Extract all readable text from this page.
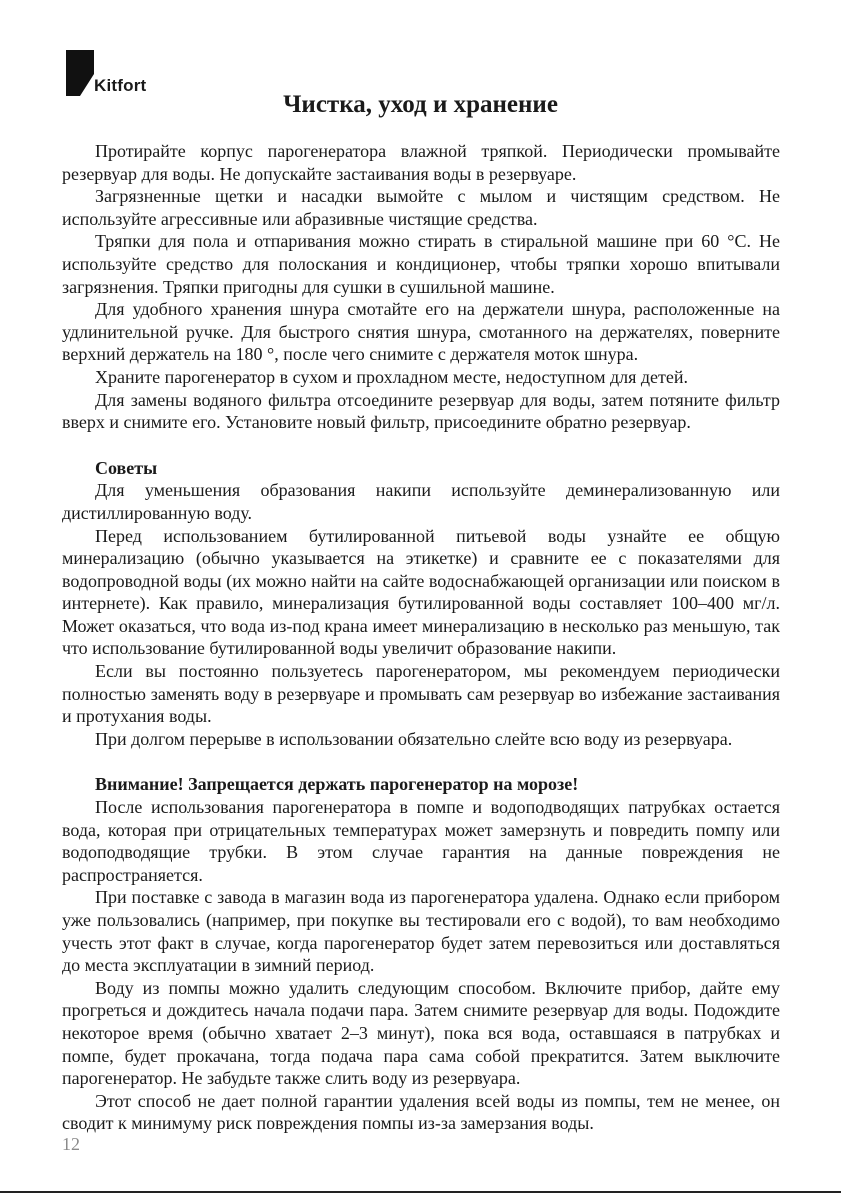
Kitfort
Чистка, уход и хранение

Протирайте корпус парогенератора влажной тряпкой. Периодически промывайте резервуар для воды. Не допускайте застаивания воды в резервуаре.

Загрязненные щетки и насадки вымойте с мылом и чистящим средством. Не используйте агрессивные или абразивные чистящие средства.

Тряпки для пола и отпаривания можно стирать в стиральной машине при 60 °С. Не используйте средство для полоскания и кондиционер, чтобы тряпки хорошо впитывали загрязнения. Тряпки пригодны для сушки в сушильной машине.

Для удобного хранения шнура смотайте его на держатели шнура, расположенные на удлинительной ручке. Для быстрого снятия шнура, смотанного на держателях, поверните верхний держатель на 180 °, после чего снимите с держателя моток шнура.

Храните парогенератор в сухом и прохладном месте, недоступном для детей.

Для замены водяного фильтра отсоедините резервуар для воды, затем потяните фильтр вверх и снимите его. Установите новый фильтр, присоедините обратно резервуар.

Советы

Для уменьшения образования накипи используйте деминерализованную или дистиллированную воду.

Перед использованием бутилированной питьевой воды узнайте ее общую минерализацию (обычно указывается на этикетке) и сравните ее с показателями для водопроводной воды (их можно найти на сайте водоснабжающей организации или поиском в интернете). Как правило, минерализация бутилированной воды составляет 100–400 мг/л. Может оказаться, что вода из-под крана имеет минерализацию в несколько раз меньшую, так что использование бутилированной воды увеличит образование накипи.

Если вы постоянно пользуетесь парогенератором, мы рекомендуем периодически полностью заменять воду в резервуаре и промывать сам резервуар во избежание застаивания и протухания воды.

При долгом перерыве в использовании обязательно слейте всю воду из резервуара.

Внимание! Запрещается держать парогенератор на морозе!

После использования парогенератора в помпе и водоподводящих патрубках остается вода, которая при отрицательных температурах может замерзнуть и повредить помпу или водоподводящие трубки. В этом случае гарантия на данные повреждения не распространяется.

При поставке с завода в магазин вода из парогенератора удалена. Однако если прибором уже пользовались (например, при покупке вы тестировали его с водой), то вам необходимо учесть этот факт в случае, когда парогенератор будет затем перевозиться или доставляться до места эксплуатации в зимний период.

Воду из помпы можно удалить следующим способом. Включите прибор, дайте ему прогреться и дождитесь начала подачи пара. Затем снимите резервуар для воды. Подождите некоторое время (обычно хватает 2–3 минут), пока вся вода, оставшаяся в патрубках и помпе, будет прокачана, тогда подача пара сама собой прекратится. Затем выключите парогенератор. Не забудьте также слить воду из резервуара.

Этот способ не дает полной гарантии удаления всей воды из помпы, тем не менее, он сводит к минимуму риск повреждения помпы из-за замерзания воды.

12
